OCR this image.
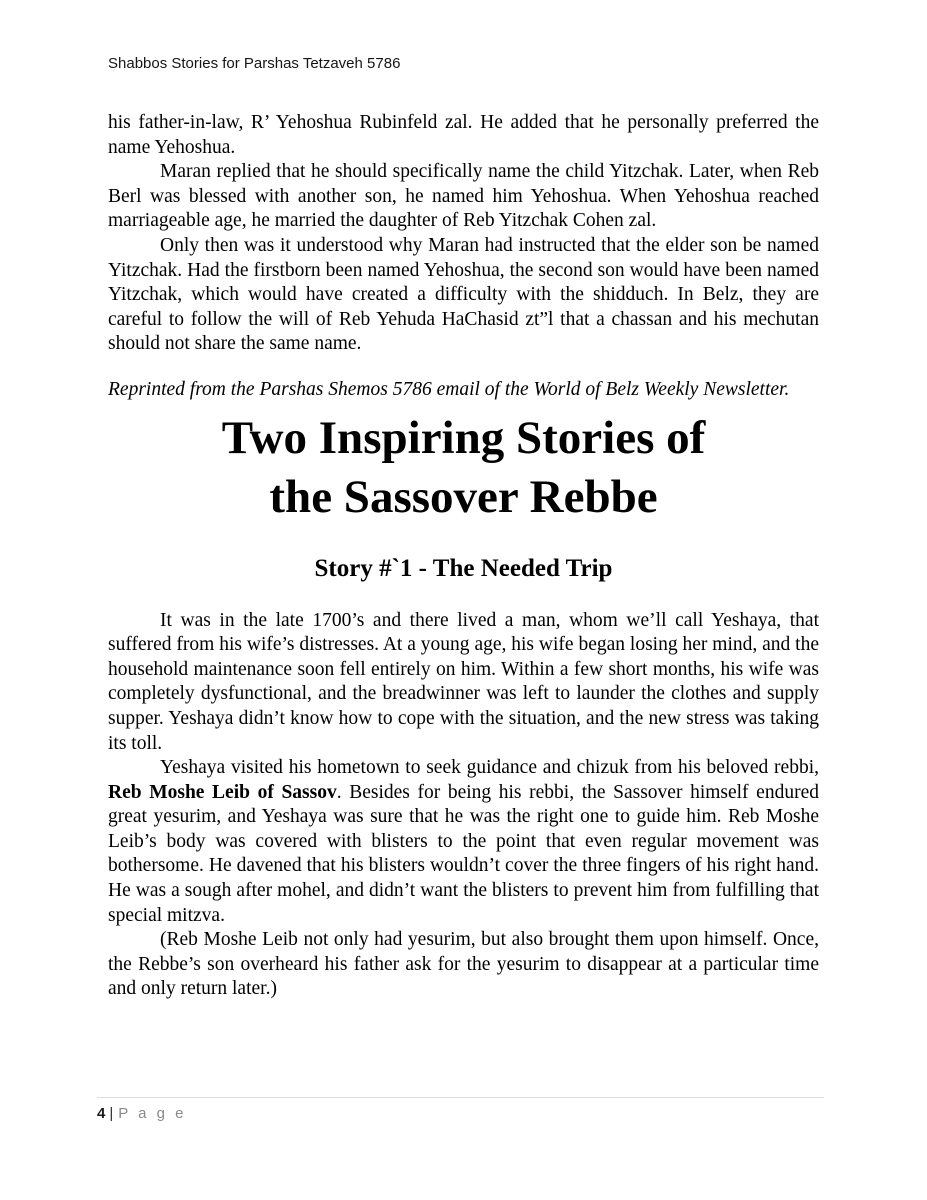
Shabbos Stories for Parshas Tetzaveh 5786

his father-in-law, R’ Yehoshua Rubinfeld zal. He added that he personally preferred the name Yehoshua.

Maran replied that he should specifically name the child Yitzchak. Later, when Reb Berl was blessed with another son, he named him Yehoshua. When Yehoshua reached marriageable age, he married the daughter of Reb Yitzchak Cohen zal.

Only then was it understood why Maran had instructed that the elder son be named Yitzchak. Had the firstborn been named Yehoshua, the second son would have been named Yitzchak, which would have created a difficulty with the shidduch. In Belz, they are careful to follow the will of Reb Yehuda HaChasid zt”l that a chassan and his mechutan should not share the same name.

Reprinted from the Parshas Shemos 5786 email of the World of Belz Weekly Newsletter.

Two Inspiring Stories of
the Sassover Rebbe
Story #`1 - The Needed Trip

It was in the late 1700’s and there lived a man, whom we’ll call Yeshaya, that suffered from his wife’s distresses. At a young age, his wife began losing her mind, and the household maintenance soon fell entirely on him. Within a few short months, his wife was completely dysfunctional, and the breadwinner was left to launder the clothes and supply supper. Yeshaya didn’t know how to cope with the situation, and the new stress was taking its toll.

Yeshaya visited his hometown to seek guidance and chizuk from his beloved rebbi, Reb Moshe Leib of Sassov. Besides for being his rebbi, the Sassover himself endured great yesurim, and Yeshaya was sure that he was the right one to guide him. Reb Moshe Leib’s body was covered with blisters to the point that even regular movement was bothersome. He davened that his blisters wouldn’t cover the three fingers of his right hand. He was a sough after mohel, and didn’t want the blisters to prevent him from fulfilling that special mitzva.

(Reb Moshe Leib not only had yesurim, but also brought them upon himself. Once, the Rebbe’s son overheard his father ask for the yesurim to disappear at a particular time and only return later.)

4 | P a g e
